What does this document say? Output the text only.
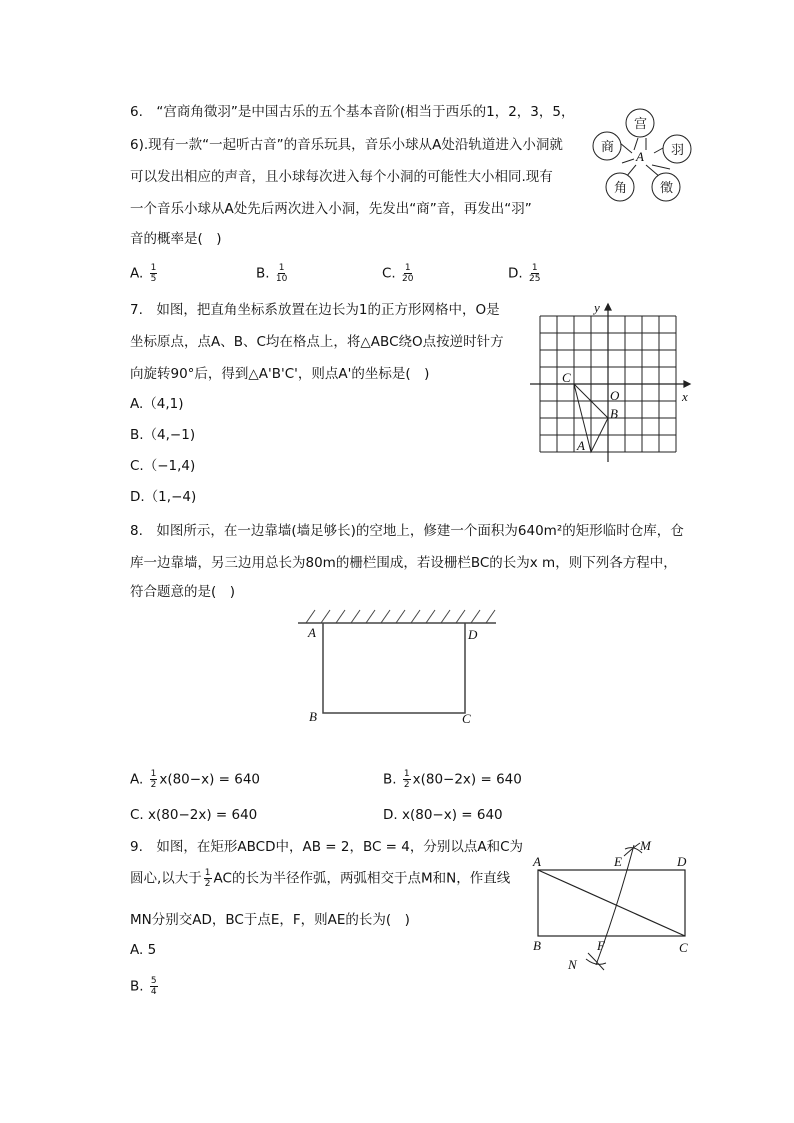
6.　“宫商角徵羽”是中国古乐的五个基本音阶(相当于西乐的1，2，3，5，
6).现有一款“一起听古音”的音乐玩具，音乐小球从A处沿轨道进入小洞就
可以发出相应的声音，且小球每次进入每个小洞的可能性大小相同.现有
一个音乐小球从A处先后两次进入小洞，先发出“商”音，再发出“羽”
音的概率是(　)
A. $\frac{1}{5}$	B. $\frac{1}{10}$	C. $\frac{1}{20}$	D. $\frac{1}{25}$
宫
羽
徵
角
商
A
7.　如图，把直角坐标系放置在边长为1的正方形网格中，O是
坐标原点，点A、B、C均在格点上，将△ABC绕O点按逆时针方
向旋转90°后，得到△A'B'C'，则点A'的坐标是(　)
A.（4,1)
B.（4,−1)
C.（−1,4)
D.（1,−4)
x
y
O
C
B
A
8.　如图所示，在一边靠墙(墙足够长)的空地上，修建一个面积为640m²的矩形临时仓库，仓
库一边靠墙，另三边用总长为80m的栅栏围成，若设栅栏BC的长为x m，则下列各方程中，
符合题意的是(　)
A	D
B	C
A. $\frac{1}{2} x(80-x) = 640$	B. $\frac{1}{2} x(80-2x) = 640$
C. x(80−2x) = 640	D. x(80−x) = 640
9.　如图，在矩形ABCD中，AB = 2，BC = 4，分别以点A和C为
圆心,以大于 $\frac{1}{2}$ AC的长为半径作弧，两弧相交于点M和N，作直线
MN分别交AD，BC于点E，F，则AE的长为(　)
A. 5
B. $\frac{5}{4}$
A	E	D
M
B	F	C
N
